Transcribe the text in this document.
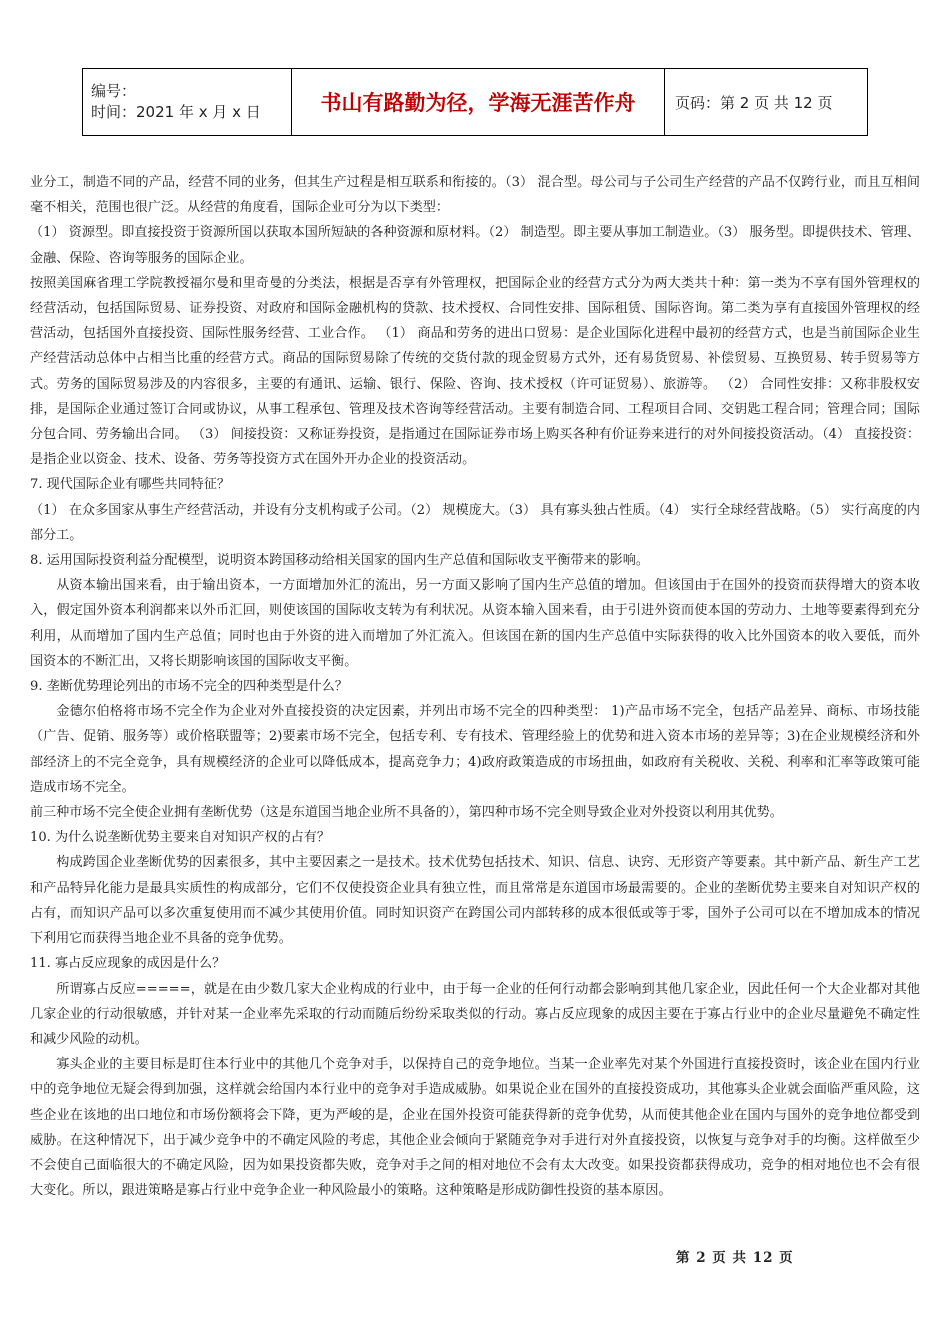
编号：
时间：2021 年 x 月 x 日	书山有路勤为径，学海无涯苦作舟	页码：第 2 页 共 12 页

业分工，制造不同的产品，经营不同的业务，但其生产过程是相互联系和衔接的。（3） 混合型。母公司与子公司生产经营的产品不仅跨行业，而且互相间毫不相关，范围也很广泛。从经营的角度看，国际企业可分为以下类型：

（1） 资源型。即直接投资于资源所国以获取本国所短缺的各种资源和原材料。（2） 制造型。即主要从事加工制造业。（3） 服务型。即提供技术、管理、金融、保险、咨询等服务的国际企业。

按照美国麻省理工学院教授福尔曼和里奇曼的分类法，根据是否享有外管理权，把国际企业的经营方式分为两大类共十种：第一类为不享有国外管理权的经营活动，包括国际贸易、证券投资、对政府和国际金融机构的贷款、技术授权、合同性安排、国际租赁、国际咨询。第二类为享有直接国外管理权的经营活动，包括国外直接投资、国际性服务经营、工业合作。 （1） 商品和劳务的进出口贸易：是企业国际化进程中最初的经营方式，也是当前国际企业生产经营活动总体中占相当比重的经营方式。商品的国际贸易除了传统的交货付款的现金贸易方式外，还有易货贸易、补偿贸易、互换贸易、转手贸易等方式。劳务的国际贸易涉及的内容很多，主要的有通讯、运输、银行、保险、咨询、技术授权（许可证贸易）、旅游等。 （2） 合同性安排：又称非股权安排，是国际企业通过签订合同或协议，从事工程承包、管理及技术咨询等经营活动。主要有制造合同、工程项目合同、交钥匙工程合同；管理合同；国际分包合同、劳务输出合同。 （3） 间接投资：又称证券投资，是指通过在国际证券市场上购买各种有价证券来进行的对外间接投资活动。（4） 直接投资：是指企业以资金、技术、设备、劳务等投资方式在国外开办企业的投资活动。

7. 现代国际企业有哪些共同特征？

（1） 在众多国家从事生产经营活动，并设有分支机构或子公司。（2） 规模庞大。（3） 具有寡头独占性质。（4） 实行全球经营战略。（5） 实行高度的内部分工。

8. 运用国际投资利益分配模型，说明资本跨国移动给相关国家的国内生产总值和国际收支平衡带来的影响。

从资本输出国来看，由于输出资本，一方面增加外汇的流出，另一方面又影响了国内生产总值的增加。但该国由于在国外的投资而获得增大的资本收入，假定国外资本利润都来以外币汇回，则使该国的国际收支转为有利状况。从资本输入国来看，由于引进外资而使本国的劳动力、土地等要素得到充分利用，从而增加了国内生产总值；同时也由于外资的进入而增加了外汇流入。但该国在新的国内生产总值中实际获得的收入比外国资本的收入要低，而外国资本的不断汇出，又将长期影响该国的国际收支平衡。

9. 垄断优势理论列出的市场不完全的四种类型是什么？

金德尔伯格将市场不完全作为企业对外直接投资的决定因素，并列出市场不完全的四种类型： 1)产品市场不完全，包括产品差异、商标、市场技能（广告、促销、服务等）或价格联盟等；2)要素市场不完全，包括专利、专有技术、管理经验上的优势和进入资本市场的差异等；3)在企业规模经济和外部经济上的不完全竞争，具有规模经济的企业可以降低成本，提高竞争力；4)政府政策造成的市场扭曲，如政府有关税收、关税、利率和汇率等政策可能造成市场不完全。

前三种市场不完全使企业拥有垄断优势（这是东道国当地企业所不具备的），第四种市场不完全则导致企业对外投资以利用其优势。

10. 为什么说垄断优势主要来自对知识产权的占有？

构成跨国企业垄断优势的因素很多，其中主要因素之一是技术。技术优势包括技术、知识、信息、诀窍、无形资产等要素。其中新产品、新生产工艺和产品特异化能力是最具实质性的构成部分，它们不仅使投资企业具有独立性，而且常常是东道国市场最需要的。企业的垄断优势主要来自对知识产权的占有，而知识产品可以多次重复使用而不减少其使用价值。同时知识资产在跨国公司内部转移的成本很低或等于零，国外子公司可以在不增加成本的情况下利用它而获得当地企业不具备的竞争优势。

11. 寡占反应现象的成因是什么？

所谓寡占反应=====，就是在由少数几家大企业构成的行业中，由于每一企业的任何行动都会影响到其他几家企业，因此任何一个大企业都对其他几家企业的行动很敏感，并针对某一企业率先采取的行动而随后纷纷采取类似的行动。寡占反应现象的成因主要在于寡占行业中的企业尽量避免不确定性和减少风险的动机。

寡头企业的主要目标是盯住本行业中的其他几个竞争对手，以保持自己的竞争地位。当某一企业率先对某个外国进行直接投资时，该企业在国内行业中的竞争地位无疑会得到加强，这样就会给国内本行业中的竞争对手造成威胁。如果说企业在国外的直接投资成功，其他寡头企业就会面临严重风险，这些企业在该地的出口地位和市场份额将会下降，更为严峻的是，企业在国外投资可能获得新的竞争优势，从而使其他企业在国内与国外的竞争地位都受到威胁。在这种情况下，出于减少竞争中的不确定风险的考虑，其他企业会倾向于紧随竞争对手进行对外直接投资，以恢复与竞争对手的均衡。这样做至少不会使自己面临很大的不确定风险，因为如果投资都失败，竞争对手之间的相对地位不会有太大改变。如果投资都获得成功，竞争的相对地位也不会有很大变化。所以，跟进策略是寡占行业中竞争企业一种风险最小的策略。这种策略是形成防御性投资的基本原因。

第 2 页 共 12 页
